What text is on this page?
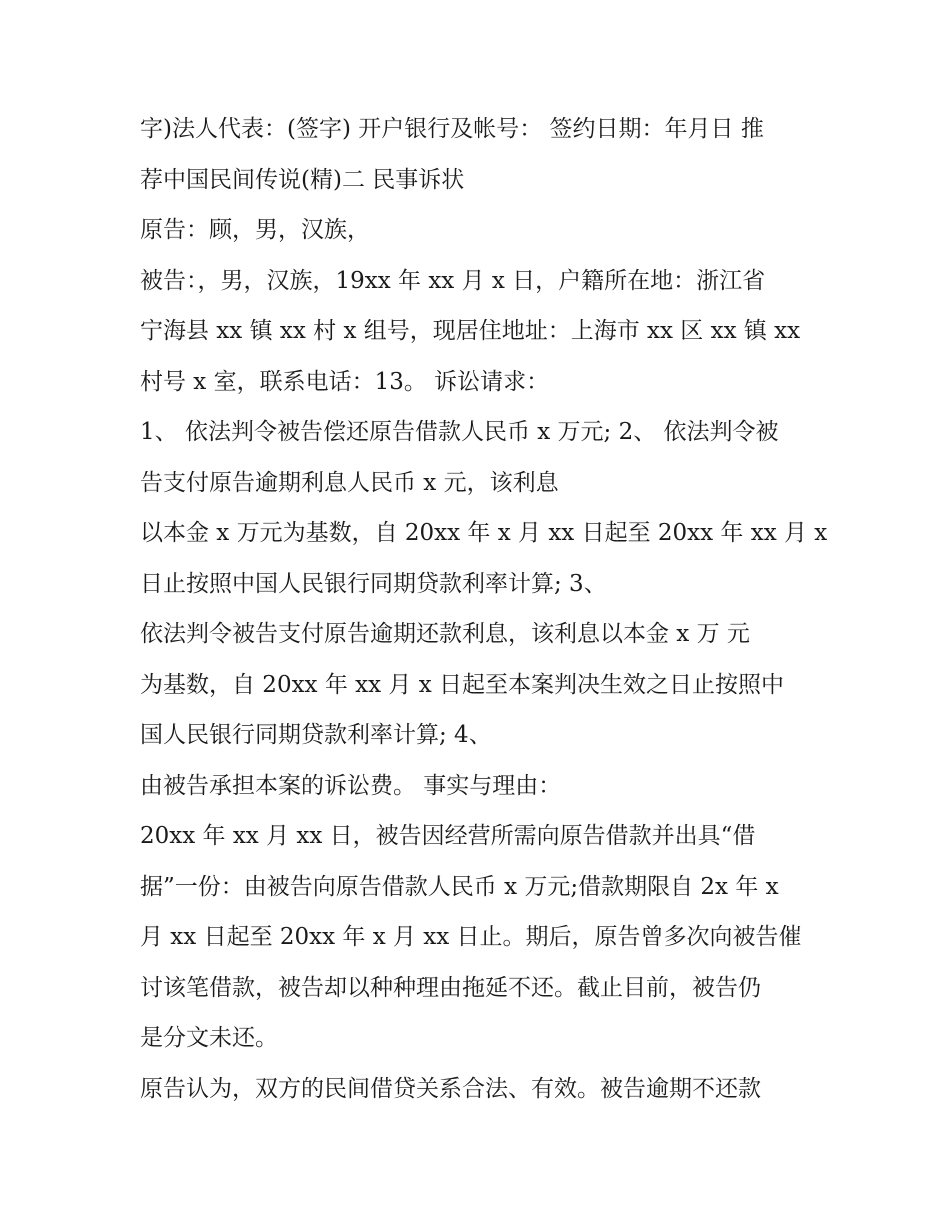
字)法人代表：(签字) 开户银行及帐号： 签约日期：年月日 推
荐中国民间传说(精)二 民事诉状
原告：顾，男，汉族，
被告：，男，汉族，19xx 年 xx 月 x 日，户籍所在地：浙江省
宁海县 xx 镇 xx 村 x 组号，现居住地址：上海市 xx 区 xx 镇 xx
村号 x 室，联系电话：13。 诉讼请求：
1、 依法判令被告偿还原告借款人民币 x 万元; 2、 依法判令被
告支付原告逾期利息人民币 x 元，该利息
以本金 x 万元为基数，自 20xx 年 x 月 xx 日起至 20xx 年 xx 月 x
日止按照中国人民银行同期贷款利率计算; 3、
依法判令被告支付原告逾期还款利息，该利息以本金 x 万 元
为基数，自 20xx 年 xx 月 x 日起至本案判决生效之日止按照中
国人民银行同期贷款利率计算; 4、
由被告承担本案的诉讼费。 事实与理由：
20xx 年 xx 月 xx 日，被告因经营所需向原告借款并出具“借
据”一份：由被告向原告借款人民币 x 万元;借款期限自 2x 年 x
月 xx 日起至 20xx 年 x 月 xx 日止。期后，原告曾多次向被告催
讨该笔借款，被告却以种种理由拖延不还。截止目前，被告仍
是分文未还。
原告认为，双方的民间借贷关系合法、有效。被告逾期不还款
